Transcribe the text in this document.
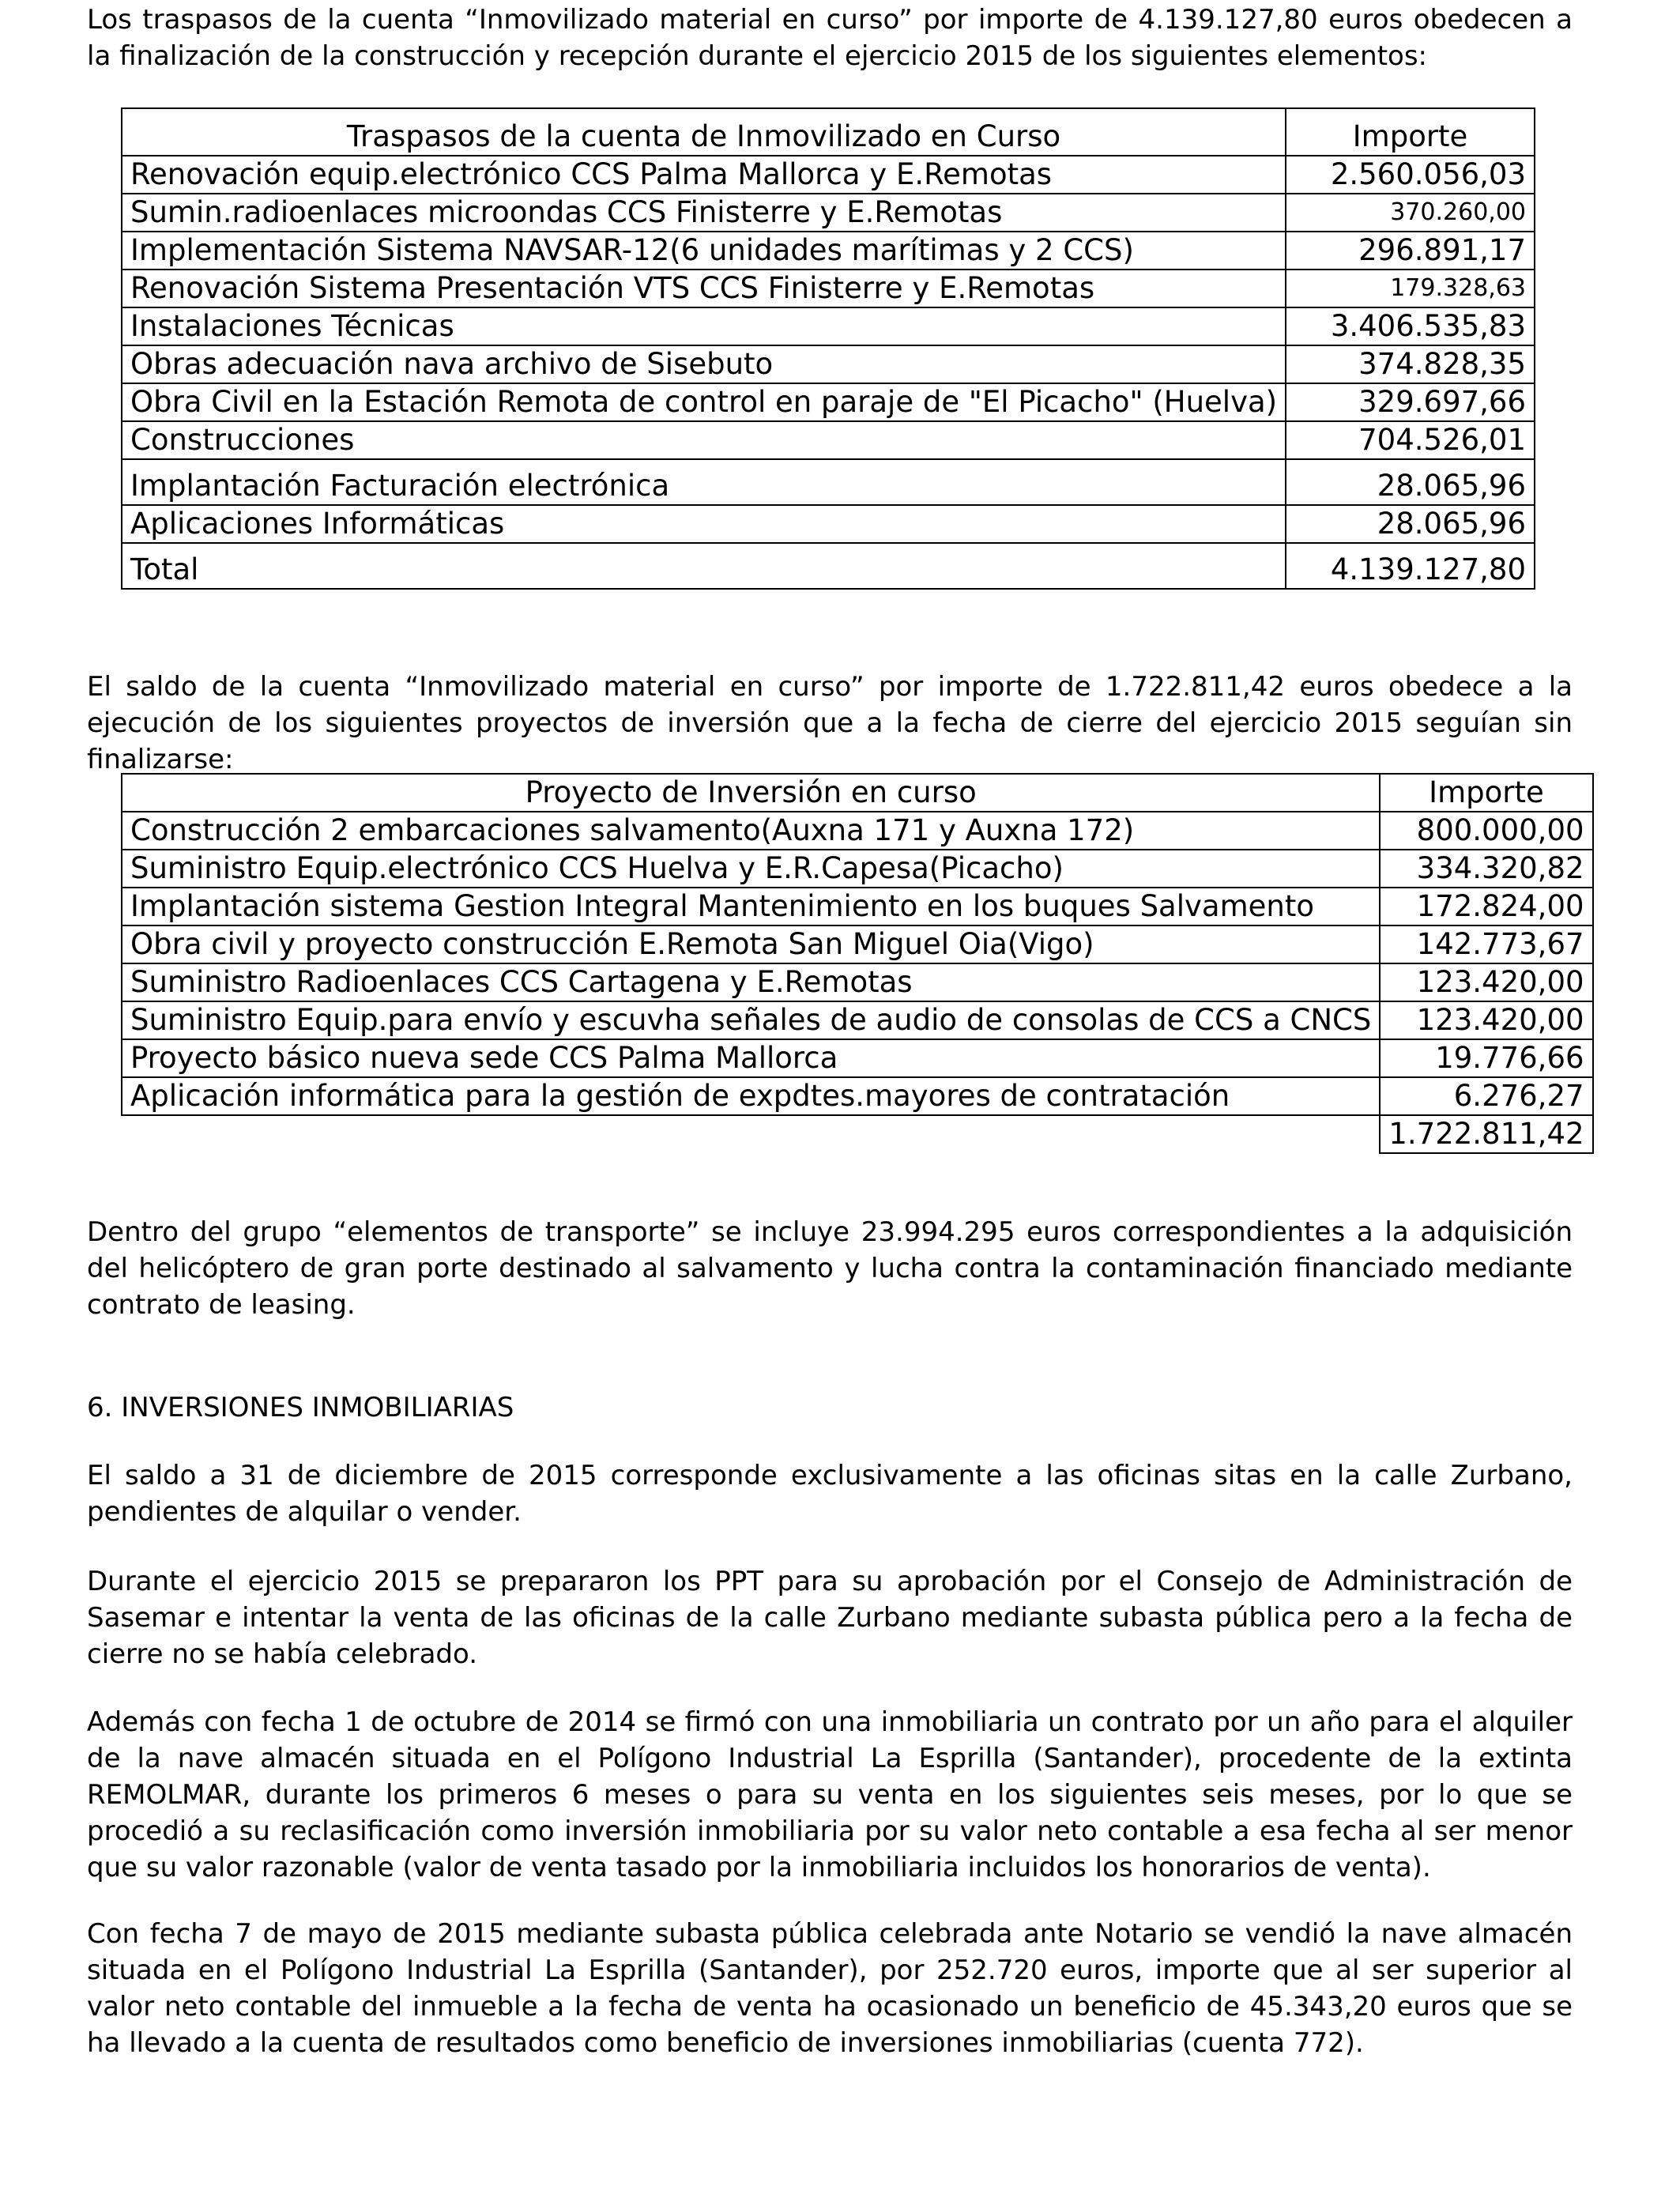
Los traspasos de la cuenta “Inmovilizado material en curso” por importe de 4.139.127,80 euros obedecen a la finalización de la construcción y recepción durante el ejercicio 2015 de los siguientes elementos:

El saldo de la cuenta “Inmovilizado material en curso” por importe de 1.722.811,42 euros obedece a la ejecución de los siguientes proyectos de inversión que a la fecha de cierre del ejercicio 2015 seguían sin finalizarse:

Dentro del grupo “elementos de transporte” se incluye 23.994.295 euros correspondientes a la adquisición del helicóptero de gran porte destinado al salvamento y lucha contra la contaminación financiado mediante contrato de leasing.

6. INVERSIONES INMOBILIARIAS

El saldo a 31 de diciembre de 2015 corresponde exclusivamente a las oficinas sitas en la calle Zurbano, pendientes de alquilar o vender.

Durante el ejercicio 2015 se prepararon los PPT para su aprobación por el Consejo de Administración de Sasemar e intentar la venta de las oficinas de la calle Zurbano mediante subasta pública pero a la fecha de cierre no se había celebrado.

Además con fecha 1 de octubre de 2014 se firmó con una inmobiliaria un contrato por un año para el alquiler de la nave almacén situada en el Polígono Industrial La Esprilla (Santander), procedente de la extinta REMOLMAR, durante los primeros 6 meses o para su venta en los siguientes seis meses, por lo que se procedió a su reclasificación como inversión inmobiliaria por su valor neto contable a esa fecha al ser menor que su valor razonable (valor de venta tasado por la inmobiliaria incluidos los honorarios de venta).

Con fecha 7 de mayo de 2015 mediante subasta pública celebrada ante Notario se vendió la nave almacén situada en el Polígono Industrial La Esprilla (Santander), por 252.720 euros, importe que al ser superior al valor neto contable del inmueble a la fecha de venta ha ocasionado un beneficio de 45.343,20 euros que se ha llevado a la cuenta de resultados como beneficio de inversiones inmobiliarias (cuenta 772).

Traspasos de la cuenta de Inmovilizado en Curso	Importe
Renovación equip.electrónico CCS Palma Mallorca y E.Remotas	2.560.056,03
Sumin.radioenlaces microondas CCS Finisterre y E.Remotas	370.260,00
Implementación Sistema NAVSAR-12(6 unidades marítimas y 2 CCS)	296.891,17
Renovación Sistema Presentación VTS CCS Finisterre y E.Remotas	179.328,63
Instalaciones Técnicas	3.406.535,83
Obras adecuación nava archivo de Sisebuto	374.828,35
Obra Civil en la Estación Remota de control en paraje de "El Picacho" (Huelva)	329.697,66
Construcciones	704.526,01
Implantación Facturación electrónica	28.065,96
Aplicaciones Informáticas	28.065,96
Total	4.139.127,80
Proyecto de Inversión en curso	Importe
Construcción 2 embarcaciones salvamento(Auxna 171 y Auxna 172)	800.000,00
Suministro Equip.electrónico CCS Huelva y E.R.Capesa(Picacho)	334.320,82
Implantación sistema Gestion Integral Mantenimiento en los buques Salvamento	172.824,00
Obra civil y proyecto construcción E.Remota San Miguel Oia(Vigo)	142.773,67
Suministro Radioenlaces CCS Cartagena y E.Remotas	123.420,00
Suministro Equip.para envío y escuvha señales de audio de consolas de CCS a CNCS	123.420,00
Proyecto básico nueva sede CCS Palma Mallorca	19.776,66
Aplicación informática para la gestión de expdtes.mayores de contratación	6.276,27
	1.722.811,42
